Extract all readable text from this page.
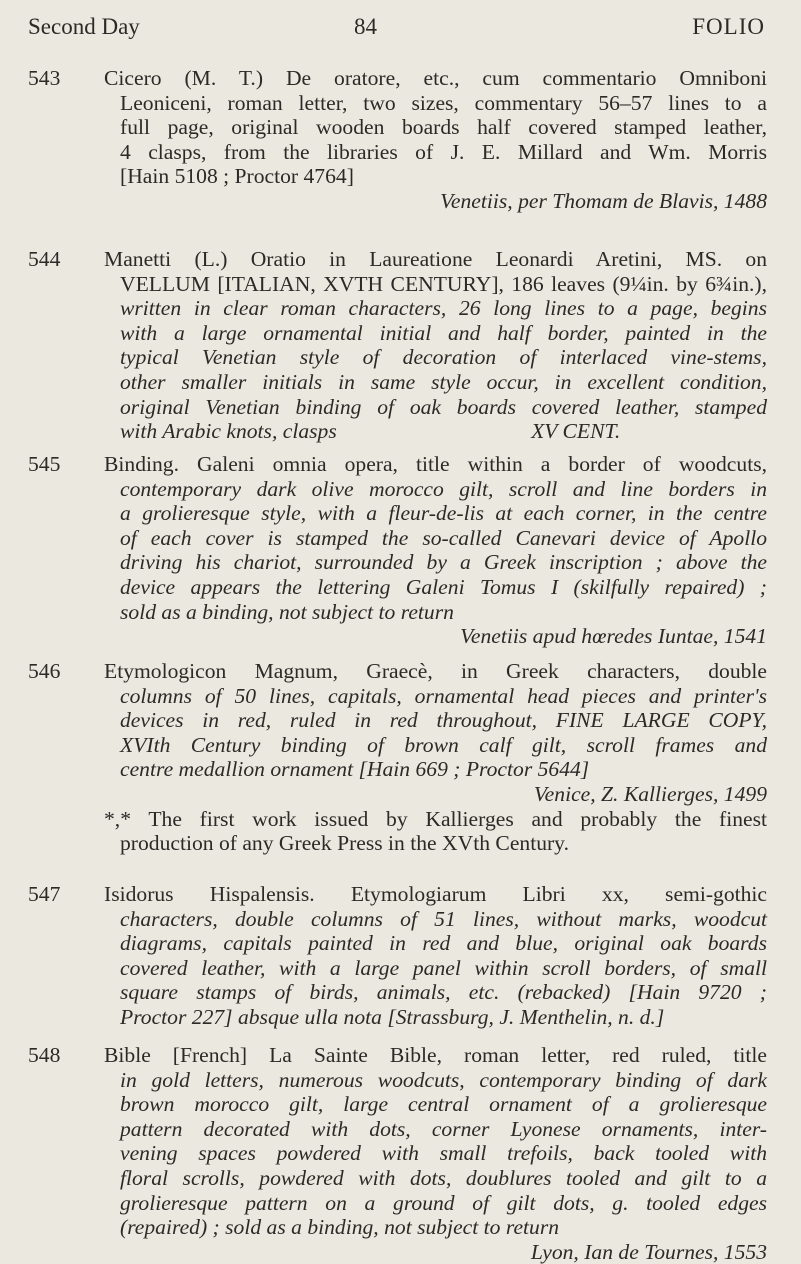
Second Day	84	FOLIO
543	Cicero (M. T.) De oratore, etc., cum commentario Omniboni
Leoniceni, roman letter, two sizes, commentary 56–57 lines to a
full page, original wooden boards half covered stamped leather,
4 clasps, from the libraries of J. E. Millard and Wm. Morris
[Hain 5108 ; Proctor 4764]
Venetiis, per Thomam de Blavis, 1488
544	Manetti (L.) Oratio in Laureatione Leonardi Aretini, MS. on
VELLUM [ITALIAN, XVTH CENTURY], 186 leaves (9¼in. by 6¾in.),
written in clear roman characters, 26 long lines to a page, begins
with a large ornamental initial and half border, painted in the
typical Venetian style of decoration of interlaced vine-stems,
other smaller initials in same style occur, in excellent condition,
original Venetian binding of oak boards covered leather, stamped
with Arabic knots, clasps                                    XV CENT.
545	Binding. Galeni omnia opera, title within a border of woodcuts,
contemporary dark olive morocco gilt, scroll and line borders in
a grolieresque style, with a fleur-de-lis at each corner, in the centre
of each cover is stamped the so-called Canevari device of Apollo
driving his chariot, surrounded by a Greek inscription ; above the
device appears the lettering Galeni Tomus I (skilfully repaired) ;
sold as a binding, not subject to return
Venetiis apud hœredes Iuntae, 1541
546	Etymologicon Magnum, Graecè, in Greek characters, double
columns of 50 lines, capitals, ornamental head pieces and printer's
devices in red, ruled in red throughout, FINE LARGE COPY,
XVIth Century binding of brown calf gilt, scroll frames and
centre medallion ornament [Hain 669 ; Proctor 5644]
Venice, Z. Kallierges, 1499
*,* The first work issued by Kallierges and probably the finest
production of any Greek Press in the XVth Century.
547	Isidorus Hispalensis. Etymologiarum Libri xx, semi-gothic
characters, double columns of 51 lines, without marks, woodcut
diagrams, capitals painted in red and blue, original oak boards
covered leather, with a large panel within scroll borders, of small
square stamps of birds, animals, etc. (rebacked) [Hain 9720 ;
Proctor 227] absque ulla nota [Strassburg, J. Menthelin, n. d.]
548	Bible [French] La Sainte Bible, roman letter, red ruled, title
in gold letters, numerous woodcuts, contemporary binding of dark
brown morocco gilt, large central ornament of a grolieresque
pattern decorated with dots, corner Lyonese ornaments, inter-
vening spaces powdered with small trefoils, back tooled with
floral scrolls, powdered with dots, doublures tooled and gilt to a
grolieresque pattern on a ground of gilt dots, g. tooled edges
(repaired) ; sold as a binding, not subject to return
Lyon, Ian de Tournes, 1553
